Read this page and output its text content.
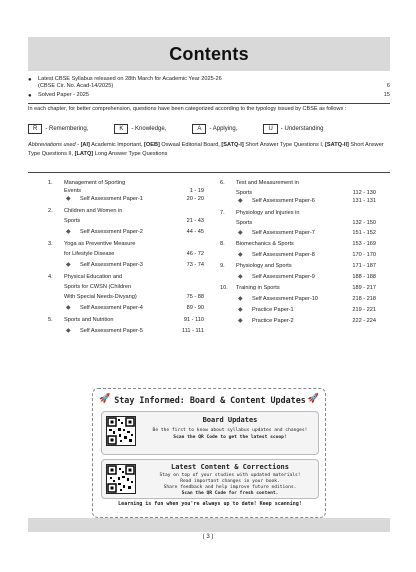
Contents
● Latest CBSE Syllabus released on 28th March for Academic Year 2025-26
(CBSE Cir. No. Acad-14/2025)	6
● Solved Paper - 2025	15
In each chapter, for better comprehension, questions have been categorized according to the typology issued by CBSE as follows :
R	- Remembering,	K	- Knowledge,	A	- Applying,	U	- Understanding
Abbreviations used - [AI] Academic Important, [OEB] Oswaal Editorial Board, [SATQ-I] Short Answer Type Questions I, [SATQ-II] Short Answer Type Questions II, [LATQ] Long Answer Type Questions
1. Management of Sporting
Events	1 - 19
◆ Self Assessment Paper-1	20 - 20
2. Children and Women in
Sports	21 - 43
◆ Self Assessment Paper-2	44 - 45
3. Yoga as Preventive Measure
for Lifestyle Disease	46 - 72
◆ Self Assessment Paper-3	73 - 74
4. Physical Education and
Sports for CWSN (Children
With Special Needs-Divyang)	75 - 88
◆ Self Assessment Paper-4	89 - 90
5. Sports and Nutrition	91 - 110
◆ Self Assessment Paper-5	111 - 111
6. Test and Measurement in
Sports	112 - 130
◆ Self Assessment Paper-6	131 - 131
7. Physiology and Injuries in
Sports	132 - 150
◆ Self Assessment Paper-7	151 - 152
8. Biomechanics & Sports	153 - 169
◆ Self Assessment Paper-8	170 - 170
9. Physiology and Sports	171 - 187
◆ Self Assessment Paper-9	188 - 188
10. Training in Sports	189 - 217
◆ Self Assessment Paper-10	218 - 218
◆ Practice Paper-1	219 - 221
◆ Practice Paper-2	222 - 224
🚀	🚀
Stay Informed: Board & Content Updates
Board Updates
Be the first to know about syllabus updates and changes!
Scan the QR Code to get the latest scoop!
Latest Content & Corrections
Stay on top of your studies with updated materials!
Read important changes in your book.
Share feedback and help improve future editions.
Scan the QR Code for fresh content.
Learning is fun when you're always up to date! Keep scanning!
( 3 )
